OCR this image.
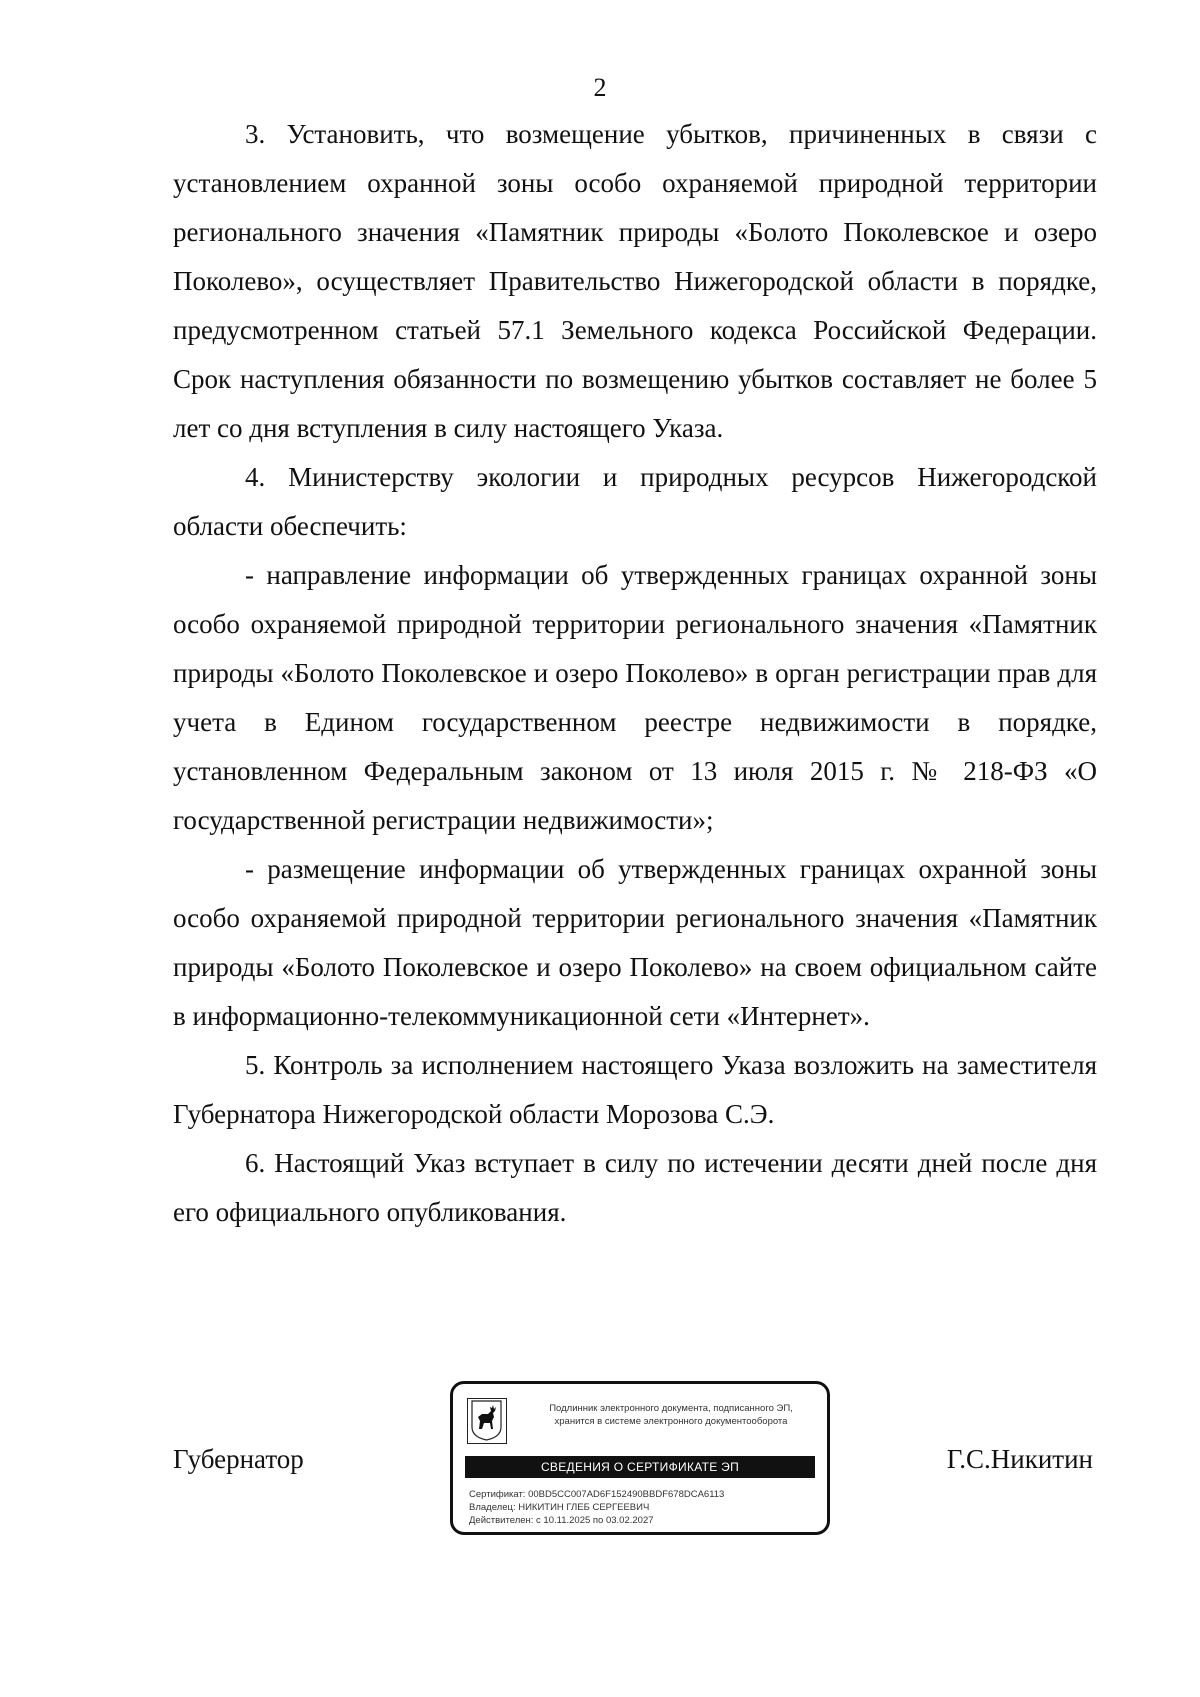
2

3. Установить, что возмещение убытков, причиненных в связи с установлением охранной зоны особо охраняемой природной территории регионального значения «Памятник природы «Болото Поколевское и озеро Поколево», осуществляет Правительство Нижегородской области в порядке, предусмотренном статьей 57.1 Земельного кодекса Российской Федерации. Срок наступления обязанности по возмещению убытков составляет не более 5 лет со дня вступления в силу настоящего Указа.

4. Министерству экологии и природных ресурсов Нижегородской области обеспечить:

- направление информации об утвержденных границах охранной зоны особо охраняемой природной территории регионального значения «Памятник природы «Болото Поколевское и озеро Поколево» в орган регистрации прав для учета в Едином государственном реестре недвижимости в порядке, установленном Федеральным законом от 13 июля 2015 г. № 218-ФЗ «О государственной регистрации недвижимости»;

- размещение информации об утвержденных границах охранной зоны особо охраняемой природной территории регионального значения «Памятник природы «Болото Поколевское и озеро Поколево» на своем официальном сайте в информационно-телекоммуникационной сети «Интернет».

5. Контроль за исполнением настоящего Указа возложить на заместителя Губернатора Нижегородской области Морозова С.Э.

6. Настоящий Указ вступает в силу по истечении десяти дней после дня его официального опубликования.

Губернатор
Подлинник электронного документа, подписанного ЭП,
хранится в системе электронного документооборота
СВЕДЕНИЯ О СЕРТИФИКАТЕ ЭП
Сертификат: 00BD5CC007AD6F152490BBDF678DCA6113
Владелец: НИКИТИН ГЛЕБ СЕРГЕЕВИЧ
Действителен: с 10.11.2025 по 03.02.2027
Г.С.Никитин
